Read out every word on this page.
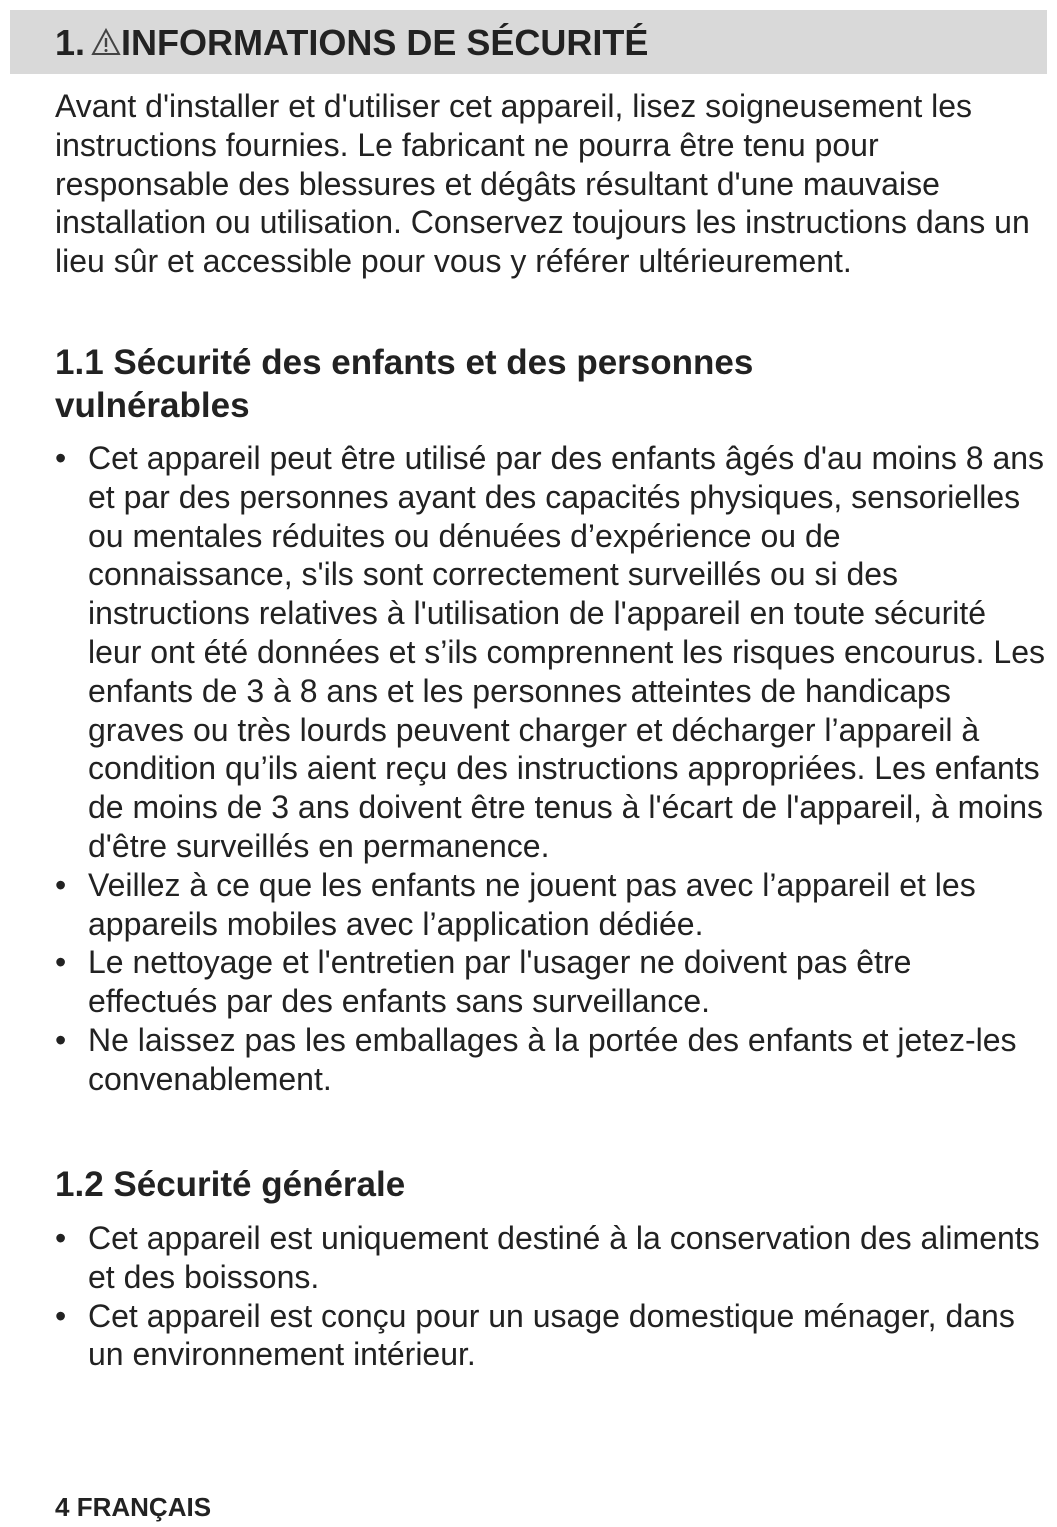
1. INFORMATIONS DE SÉCURITÉ

Avant d'installer et d'utiliser cet appareil, lisez soigneusement les instructions fournies. Le fabricant ne pourra être tenu pour responsable des blessures et dégâts résultant d'une mauvaise installation ou utilisation. Conservez toujours les instructions dans un lieu sûr et accessible pour vous y référer ultérieurement.

1.1 Sécurité des enfants et des personnes vulnérables
• Cet appareil peut être utilisé par des enfants âgés d'au moins 8 ans et par des personnes ayant des capacités physiques, sensorielles ou mentales réduites ou dénuées d’expérience ou de connaissance, s'ils sont correctement surveillés ou si des instructions relatives à l'utilisation de l'appareil en toute sécurité leur ont été données et s’ils comprennent les risques encourus. Les enfants de 3 à 8 ans et les personnes atteintes de handicaps graves ou très lourds peuvent charger et décharger l’appareil à condition qu’ils aient reçu des instructions appropriées. Les enfants de moins de 3 ans doivent être tenus à l'écart de l'appareil, à moins d'être surveillés en permanence.
• Veillez à ce que les enfants ne jouent pas avec l’appareil et les appareils mobiles avec l’application dédiée.
• Le nettoyage et l'entretien par l'usager ne doivent pas être effectués par des enfants sans surveillance.
• Ne laissez pas les emballages à la portée des enfants et jetez-les convenablement.
1.2 Sécurité générale
• Cet appareil est uniquement destiné à la conservation des aliments et des boissons.
• Cet appareil est conçu pour un usage domestique ménager, dans un environnement intérieur.
4 FRANÇAIS
